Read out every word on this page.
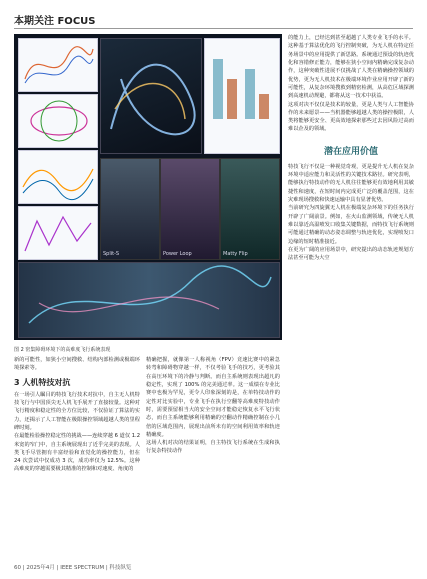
本期关注 FOCUS
Split-S	Power Loop	Matty Flip
图 2 密集障碍环境下的高难度飞行系统表现

新的可能性，如狭小空间搜救、结构内部检测或极端环境探索等。

3 人机特技对抗

在一场引人瞩目的特技飞行技术对抗中，自主无人机特技飞行与中国顶尖无人机飞手展开了直接较量。这种对飞行精度和稳定性的全方位比较，不仅验证了算法的实力，还揭示了人工智能在极限操控领域超越人类的里程碑时刻。

在最能检验操控稳定性的挑战——连续穿越 6 道仅 1.2 米宽的窄门中，自主系统展现出了近乎完美的表现。人类飞手尽管拥有丰富经验和直觉化的操控能力，但在 24 次尝试中仅成功 3 次，成功率仅为 12.5%。这种高难度的穿越需要极其精准的控制和对速度、角度的

精确把握，就像第一人称视角（FPV）竞速比赛中的紧急转弯和障碍物穿越一样，不仅考验飞手的技巧，更考验其在高压环境下的冷静与判断。而自主系统则表现出超凡的稳定性，实现了 100% 的完美通过率。这一成绩在专业比赛中也极为罕见，更令人印象深刻的是，在单特技动作的定性对比实验中，专业飞手在执行空翻等高难度特技动作时，需要预留相当大的安全空间才能稳定恢复水平飞行状态，而自主系统能够利用精确的空翻动作精确控制在小几倍的区域范围内，展现出前所未有的空间利用效率和轨迹精确度。

这场人机对决的结果证明，自主特技飞行系统在生成和执行复杂特技动作

的能力上，已经达到甚至超越了人类专业飞手的水平。这种基于算法优化的飞行控制突破，为无人机在特定任务场景中的应用提供了新思路。系统通过预设的轨迹优化和容错修正能力，能够在狭小空间内精确完成复杂动作，这种突破性进展不仅挑战了人类在精确操控领域的优势，更为无人机技术在极端环境作业应用开辟了新的可能性，从复杂环境搜救到精密检测，从高危区域探测到高速机动规避，都将从这一技术中获益。

这项对决不仅仅是技术的较量，更是人类与人工智能协作的未来愿景——当机器能够超越人类的操控极限，人类将能够更安全、更高效地探索那些过去因风险过高而难以企及的领域。

潜在应用价值

特技飞行不仅是一种视觉奇观，更是提升无人机在复杂环境中适应能力和灵活性的关键技术路径。研究表明，能够执行特技动作的无人机往往能够更有效地利用其敏捷性和速度，在短时间内完成更广泛的覆盖范围，这在灾难现场搜救和快速运输中具有显著优势。

当前研究为四旋翼无人机在极端复杂环境下的任务执行开辟了广阔前景。例如，在火山监测领域，传统无人机难以靠近高温喷发口收集关键数据，而特技飞行系统则可能通过精确的动态姿态调整与轨迹优化，实现喷发口边缘的短时精准接近。

在更为广阔的应用场景中，研究提出的动态轨迹规划方法甚至可能为大空

60 | 2025年4月 | IEEE SPECTRUM | 科技纵览
